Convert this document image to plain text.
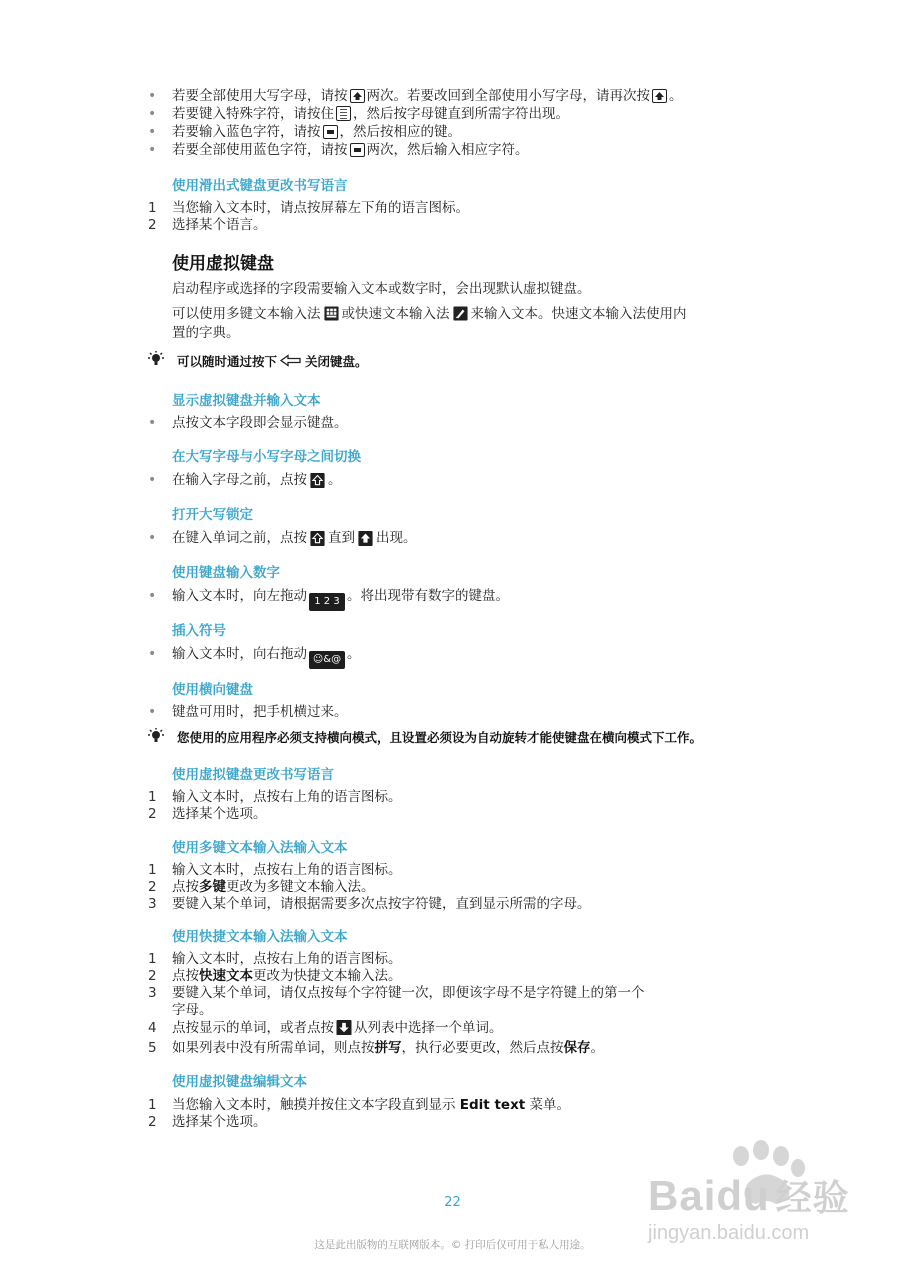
• 若要全部使用大写字母，请按 两次。若要改回到全部使用小写字母，请再次按 。
• 若要键入特殊字符，请按住 ，然后按字母键直到所需字符出现。
• 若要输入蓝色字符，请按 ，然后按相应的键。
• 若要全部使用蓝色字符，请按 两次，然后输入相应字符。
使用滑出式键盘更改书写语言
1 当您输入文本时，请点按屏幕左下角的语言图标。
2 选择某个语言。
使用虚拟键盘
启动程序或选择的字段需要输入文本或数字时，会出现默认虚拟键盘。
可以使用多键文本输入法 或快速文本输入法 来输入文本。快速文本输入法使用内
置的字典。
可以随时通过按下 关闭键盘。
显示虚拟键盘并输入文本
• 点按文本字段即会显示键盘。
在大写字母与小写字母之间切换
• 在输入字母之前，点按 。
打开大写锁定
• 在键入单词之前，点按 直到 出现。
使用键盘输入数字
• 输入文本时，向左拖动 1 2 3 。将出现带有数字的键盘。
插入符号
• 输入文本时，向右拖动 ☺&@ 。
使用横向键盘
• 键盘可用时，把手机横过来。
您使用的应用程序必须支持横向模式，且设置必须设为自动旋转才能使键盘在横向模式下工作。
使用虚拟键盘更改书写语言
1 输入文本时，点按右上角的语言图标。
2 选择某个选项。
使用多键文本输入法输入文本
1 输入文本时，点按右上角的语言图标。
2 点按多键更改为多键文本输入法。
3 要键入某个单词，请根据需要多次点按字符键，直到显示所需的字母。
使用快捷文本输入法输入文本
1 输入文本时，点按右上角的语言图标。
2 点按快速文本更改为快捷文本输入法。
3 要键入某个单词，请仅点按每个字符键一次，即便该字母不是字符键上的第一个
字母。
4 点按显示的单词，或者点按 从列表中选择一个单词。
5 如果列表中没有所需单词，则点按拼写，执行必要更改，然后点按保存。
使用虚拟键盘编辑文本
1 当您输入文本时，触摸并按住文本字段直到显示 Edit text 菜单。
2 选择某个选项。
22
这是此出版物的互联网版本。© 打印后仅可用于私人用途。
Baidu 经验
jingyan.baidu.com
